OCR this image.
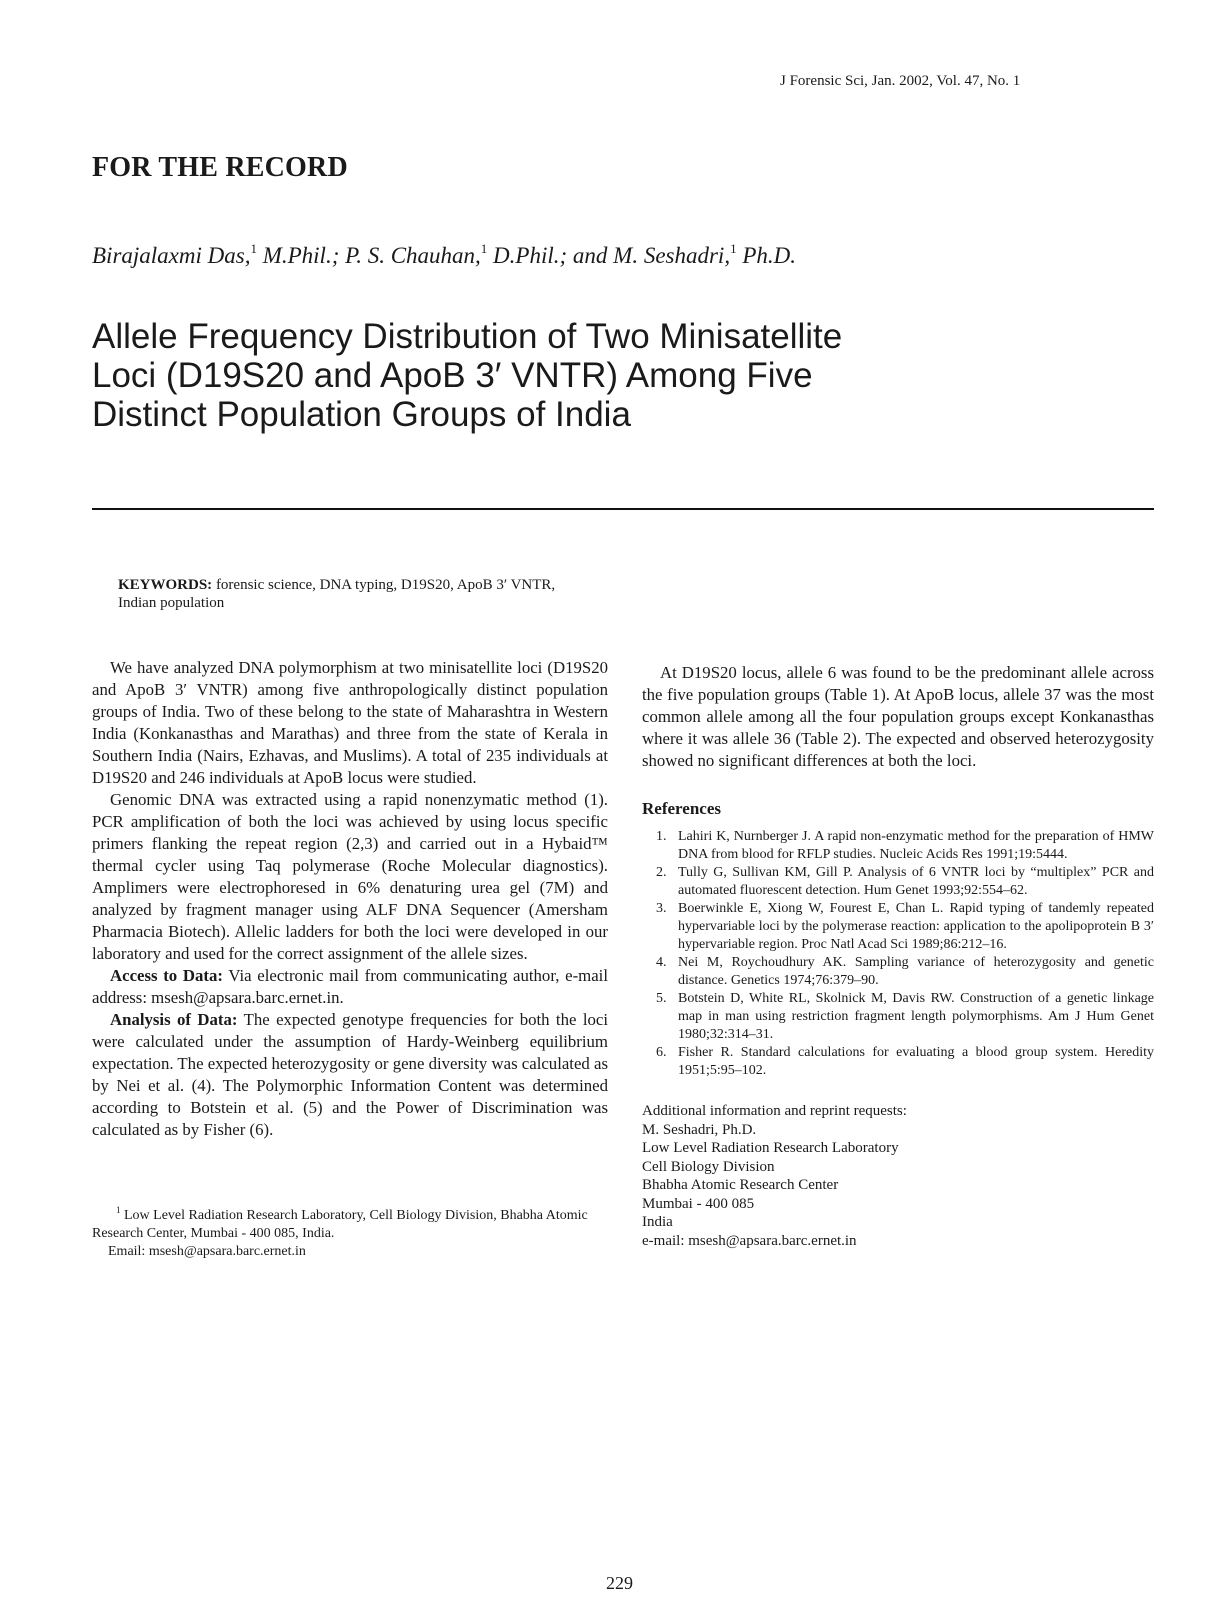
J Forensic Sci, Jan. 2002, Vol. 47, No. 1
FOR THE RECORD
Birajalaxmi Das,$^1$ M.Phil.; P. S. Chauhan,$^1$ D.Phil.; and M. Seshadri,$^1$ Ph.D.
Allele Frequency Distribution of Two Minisatellite
Loci (D19S20 and ApoB 3′ VNTR) Among Five
Distinct Population Groups of India

KEYWORDS: forensic science, DNA typing, D19S20, ApoB 3′ VNTR, Indian population

We have analyzed DNA polymorphism at two minisatellite loci (D19S20 and ApoB 3′ VNTR) among five anthropologically distinct population groups of India. Two of these belong to the state of Maharashtra in Western India (Konkanasthas and Marathas) and three from the state of Kerala in Southern India (Nairs, Ezhavas, and Muslims). A total of 235 individuals at D19S20 and 246 individuals at ApoB locus were studied.

Genomic DNA was extracted using a rapid nonenzymatic method (1). PCR amplification of both the loci was achieved by using locus specific primers flanking the repeat region (2,3) and carried out in a Hybaid™ thermal cycler using Taq polymerase (Roche Molecular diagnostics). Amplimers were electrophoresed in 6% denaturing urea gel (7M) and analyzed by fragment manager using ALF DNA Sequencer (Amersham Pharmacia Biotech). Allelic ladders for both the loci were developed in our laboratory and used for the correct assignment of the allele sizes.

Access to Data: Via electronic mail from communicating author, e-mail address: msesh@apsara.barc.ernet.in.

Analysis of Data: The expected genotype frequencies for both the loci were calculated under the assumption of Hardy-Weinberg equilibrium expectation. The expected heterozygosity or gene diversity was calculated as by Nei et al. (4). The Polymorphic Information Content was determined according to Botstein et al. (5) and the Power of Discrimination was calculated as by Fisher (6).

At D19S20 locus, allele 6 was found to be the predominant allele across the five population groups (Table 1). At ApoB locus, allele 37 was the most common allele among all the four population groups except Konkanasthas where it was allele 36 (Table 2). The expected and observed heterozygosity showed no significant differences at both the loci.

References
1. Lahiri K, Nurnberger J. A rapid non-enzymatic method for the preparation of HMW DNA from blood for RFLP studies. Nucleic Acids Res 1991;19:5444.
2. Tully G, Sullivan KM, Gill P. Analysis of 6 VNTR loci by “multiplex” PCR and automated fluorescent detection. Hum Genet 1993;92:554–62.
3. Boerwinkle E, Xiong W, Fourest E, Chan L. Rapid typing of tandemly repeated hypervariable loci by the polymerase reaction: application to the apolipoprotein B 3′ hypervariable region. Proc Natl Acad Sci 1989;86:212–16.
4. Nei M, Roychoudhury AK. Sampling variance of heterozygosity and genetic distance. Genetics 1974;76:379–90.
5. Botstein D, White RL, Skolnick M, Davis RW. Construction of a genetic linkage map in man using restriction fragment length polymorphisms. Am J Hum Genet 1980;32:314–31.
6. Fisher R. Standard calculations for evaluating a blood group system. Heredity 1951;5:95–102.
Additional information and reprint requests:
M. Seshadri, Ph.D.
Low Level Radiation Research Laboratory
Cell Biology Division
Bhabha Atomic Research Center
Mumbai - 400 085
India
e-mail: msesh@apsara.barc.ernet.in
$^1$ Low Level Radiation Research Laboratory, Cell Biology Division, Bhabha Atomic Research Center, Mumbai - 400 085, India.
Email: msesh@apsara.barc.ernet.in
229
